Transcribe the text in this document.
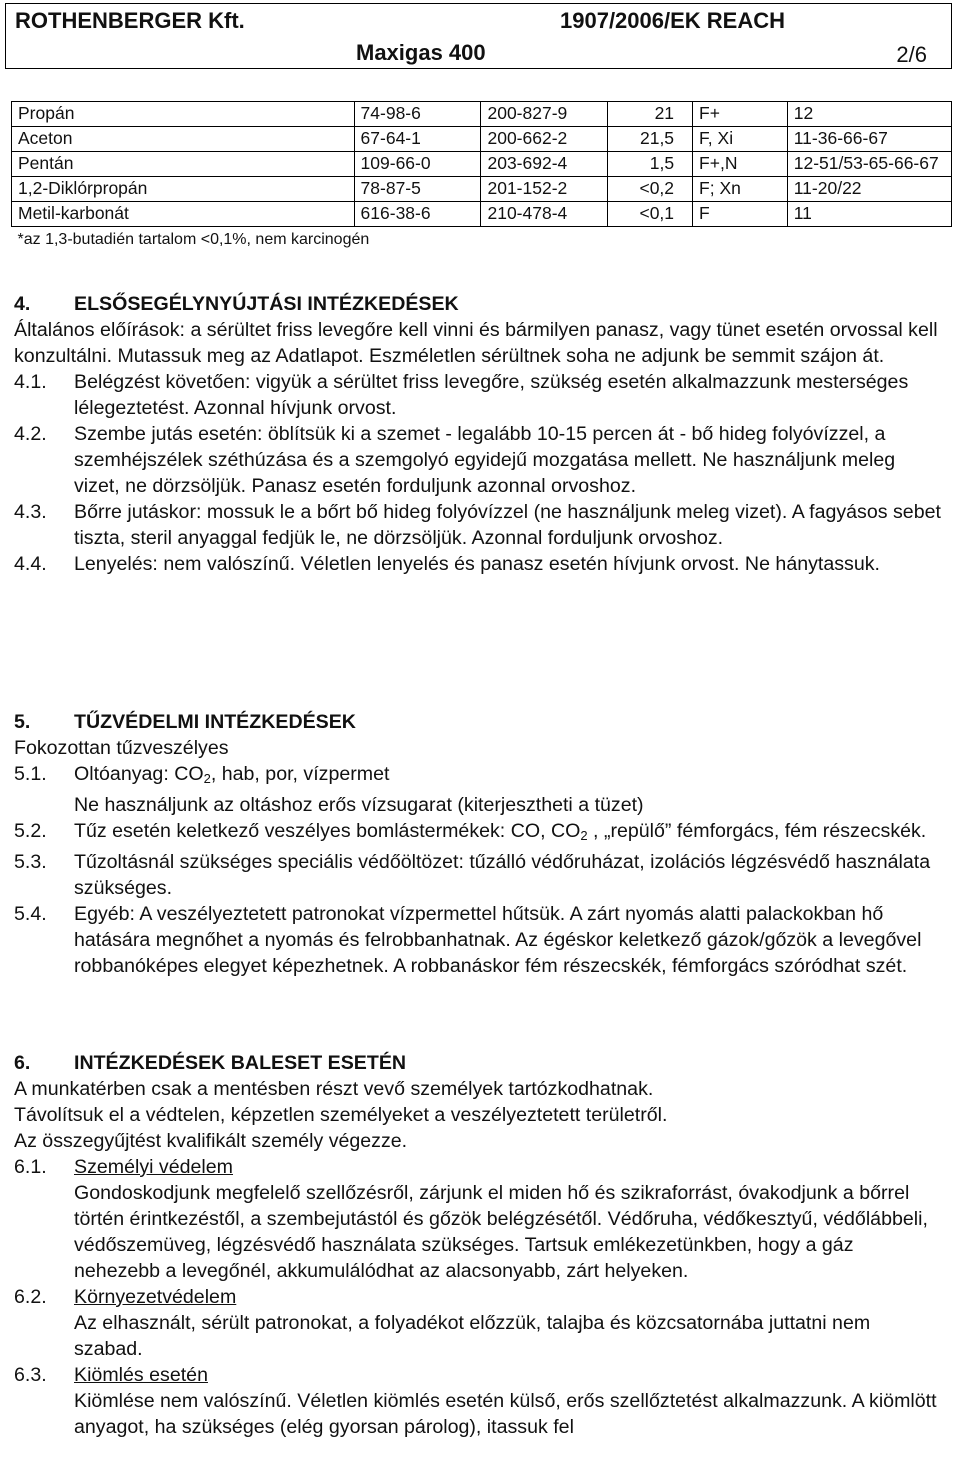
ROTHENBERGER Kft.	1907/2006/EK REACH
Maxigas 400	2/6
Propán	74-98-6	200-827-9	21	F+	12
Aceton	67-64-1	200-662-2	21,5	F, Xi	11-36-66-67
Pentán	109-66-0	203-692-4	1,5	F+,N	12-51/53-65-66-67
1,2-Diklórpropán	78-87-5	201-152-2	<0,2	F; Xn	11-20/22
Metil-karbonát	616-38-6	210-478-4	<0,1	F	11
*az 1,3-butadién tartalom <0,1%, nem karcinogén					

4. ELSŐSEGÉLYNYÚJTÁSI INTÉZKEDÉSEK

Általános előírások: a sérültet friss levegőre kell vinni és bármilyen panasz, vagy tünet esetén orvossal kell konzultálni. Mutassuk meg az Adatlapot. Eszméletlen sérültnek soha ne adjunk be semmit szájon át.

4.1.	Belégzést követően: vigyük a sérültet friss levegőre, szükség esetén alkalmazzunk mesterséges lélegeztetést. Azonnal hívjunk orvost.
4.2.	Szembe jutás esetén: öblítsük ki a szemet - legalább 10-15 percen át - bő hideg folyóvízzel, a szemhéjszélek széthúzása és a szemgolyó egyidejű mozgatása mellett. Ne használjunk meleg vizet, ne dörzsöljük. Panasz esetén forduljunk azonnal orvoshoz.
4.3.	Bőrre jutáskor: mossuk le a bőrt bő hideg folyóvízzel (ne használjunk meleg vizet). A fagyásos sebet tiszta, steril anyaggal fedjük le, ne dörzsöljük. Azonnal forduljunk orvoshoz.
4.4.	Lenyelés: nem valószínű. Véletlen lenyelés és panasz esetén hívjunk orvost. Ne hánytassuk.

5. TŰZVÉDELMI INTÉZKEDÉSEK

Fokozottan tűzveszélyes

5.1.	Oltóanyag: $CO_2$, hab, por, vízpermet
Ne használjunk az oltáshoz erős vízsugarat (kiterjesztheti a tüzet)
5.2.	Tűz esetén keletkező veszélyes bomlástermékek: CO, $CO_2$ , „repülő” fémforgács, fém részecskék.
5.3.	Tűzoltásnál szükséges speciális védőöltözet: tűzálló védőruházat, izolációs légzésvédő használata szükséges.
5.4.	Egyéb: A veszélyeztetett patronokat vízpermettel hűtsük. A zárt nyomás alatti palackokban hő hatására megnőhet a nyomás és felrobbanhatnak. Az égéskor keletkező gázok/gőzök a levegővel robbanóképes elegyet képezhetnek. A robbanáskor fém részecskék, fémforgács szóródhat szét.

6. INTÉZKEDÉSEK BALESET ESETÉN

A munkatérben csak a mentésben részt vevő személyek tartózkodhatnak.

Távolítsuk el a védtelen, képzetlen személyeket a veszélyeztetett területről.

Az összegyűjtést kvalifikált személy végezze.

6.1.	Személyi védelem

Gondoskodjunk megfelelő szellőzésről, zárjunk el miden hő és szikraforrást, óvakodjunk a bőrrel történ érintkezéstől, a szembejutástól és gőzök belégzésétől. Védőruha, védőkesztyű, védőlábbeli, védőszemüveg, légzésvédő használata szükséges. Tartsuk emlékezetünkben, hogy a gáz nehezebb a levegőnél, akkumulálódhat az alacsonyabb, zárt helyeken.

6.2.	Környezetvédelem

Az elhasznált, sérült patronokat, a folyadékot előzzük, talajba és közcsatornába juttatni nem szabad.

6.3.	Kiömlés esetén

Kiömlése nem valószínű. Véletlen kiömlés esetén külső, erős szellőztetést alkalmazzunk. A kiömlött anyagot, ha szükséges (elég gyorsan párolog), itassuk fel
